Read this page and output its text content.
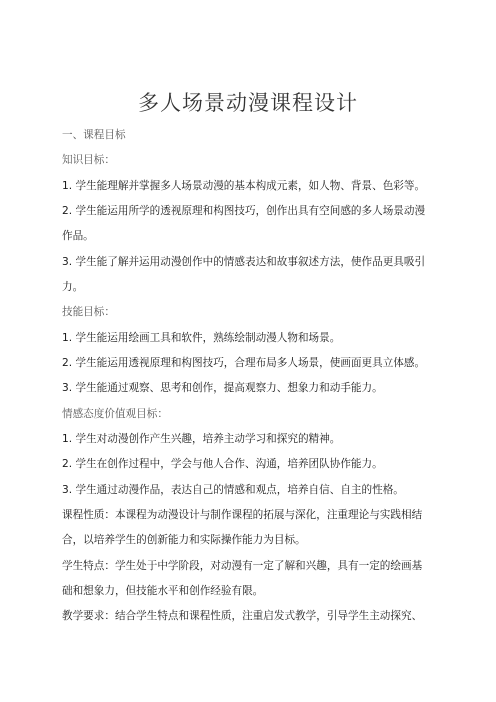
多人场景动漫课程设计
一、课程目标
知识目标：
1. 学生能理解并掌握多人场景动漫的基本构成元素，如人物、背景、色彩等。
2. 学生能运用所学的透视原理和构图技巧，创作出具有空间感的多人场景动漫
作品。
3. 学生能了解并运用动漫创作中的情感表达和故事叙述方法，使作品更具吸引
力。
技能目标：
1. 学生能运用绘画工具和软件，熟练绘制动漫人物和场景。
2. 学生能运用透视原理和构图技巧，合理布局多人场景，使画面更具立体感。
3. 学生能通过观察、思考和创作，提高观察力、想象力和动手能力。
情感态度价值观目标：
1. 学生对动漫创作产生兴趣，培养主动学习和探究的精神。
2. 学生在创作过程中，学会与他人合作、沟通，培养团队协作能力。
3. 学生通过动漫作品，表达自己的情感和观点，培养自信、自主的性格。
课程性质：本课程为动漫设计与制作课程的拓展与深化，注重理论与实践相结
合，以培养学生的创新能力和实际操作能力为目标。
学生特点：学生处于中学阶段，对动漫有一定了解和兴趣，具有一定的绘画基
础和想象力，但技能水平和创作经验有限。
教学要求：结合学生特点和课程性质，注重启发式教学，引导学生主动探究、
